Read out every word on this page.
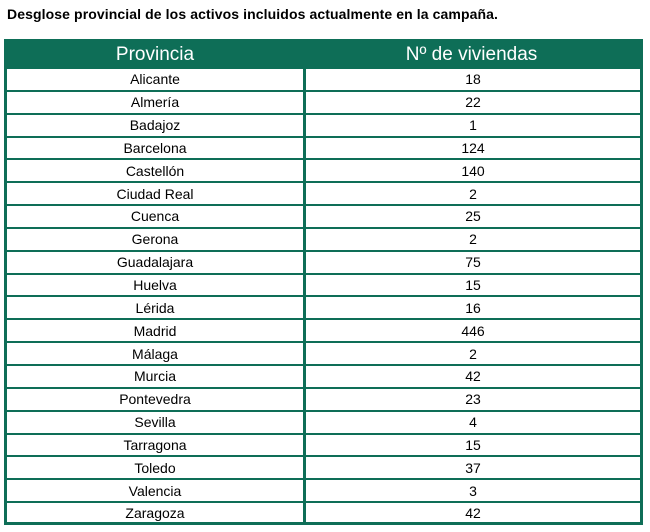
Desglose provincial de los activos incluidos actualmente en la campaña.
Provincia	Nº de viviendas
Alicante	18
Almería	22
Badajoz	1
Barcelona	124
Castellón	140
Ciudad Real	2
Cuenca	25
Gerona	2
Guadalajara	75
Huelva	15
Lérida	16
Madrid	446
Málaga	2
Murcia	42
Pontevedra	23
Sevilla	4
Tarragona	15
Toledo	37
Valencia	3
Zaragoza	42
